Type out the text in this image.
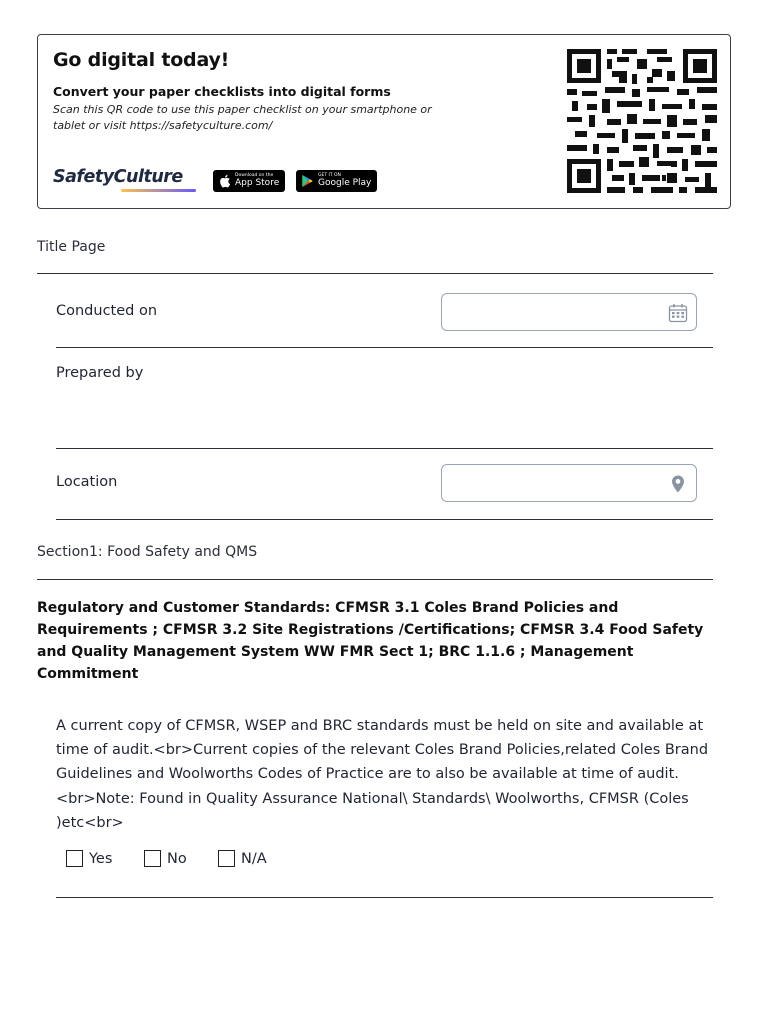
Go digital today!
Convert your paper checklists into digital forms
Scan this QR code to use this paper checklist on your smartphone or tablet or visit https://safetyculture.com/
SafetyCulture	Download on the
App Store
GET IT ON
Google Play
Title Page
Conducted on
Prepared by
Location
Section1: Food Safety and QMS
Regulatory and Customer Standards: CFMSR 3.1 Coles Brand Policies and Requirements ; CFMSR 3.2 Site Registrations /Certifications; CFMSR 3.4 Food Safety and Quality Management System WW FMR Sect 1; BRC 1.1.6 ; Management Commitment
A current copy of CFMSR, WSEP and BRC standards must be held on site and available at time of audit.<br>Current copies of the relevant Coles Brand Policies,related Coles Brand Guidelines and Woolworths Codes of Practice are to also be available at time of audit.<br>Note: Found in Quality Assurance National\ Standards\ Woolworths, CFMSR (Coles )etc<br>
Yes	No	N/A
